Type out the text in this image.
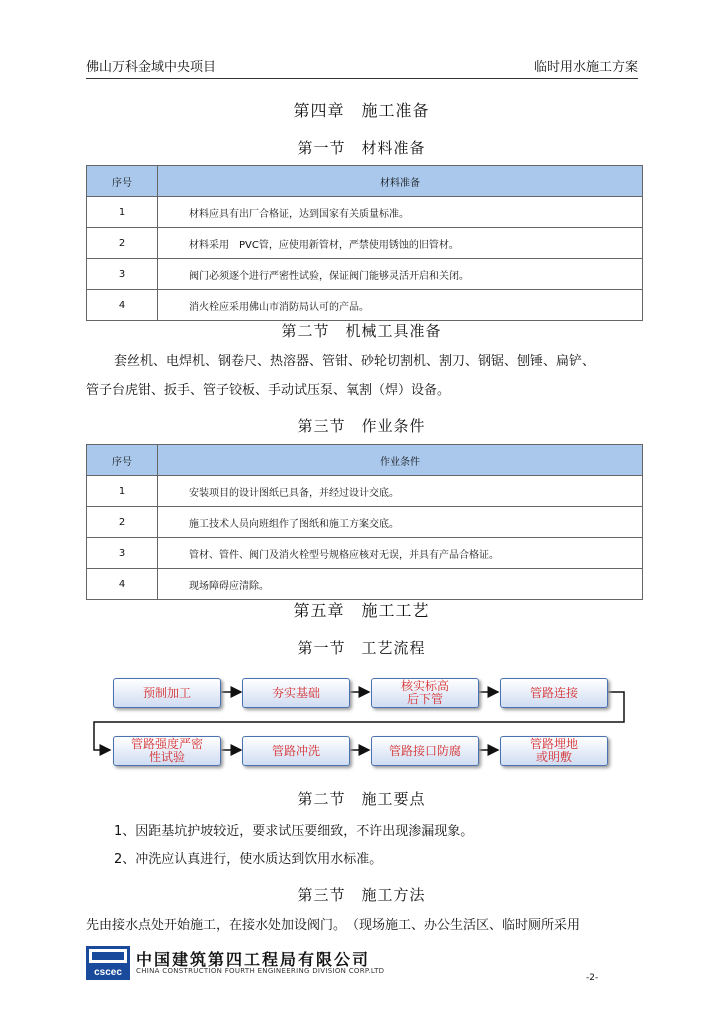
佛山万科金域中央项目	临时用水施工方案
第四章　施工准备
第一节　材料准备
序号	材料准备
1	材料应具有出厂合格证，达到国家有关质量标准。
2	材料采用　PVC管，应使用新管材，严禁使用锈蚀的旧管材。
3	阀门必须逐个进行严密性试验，保证阀门能够灵活开启和关闭。
4	消火栓应采用佛山市消防局认可的产品。
第二节　机械工具准备
套丝机、电焊机、钢卷尺、热溶器、管钳、砂轮切割机、割刀、钢锯、刨锤、扁铲、
管子台虎钳、扳手、管子铰板、手动试压泵、氧割（焊）设备。
第三节　作业条件
序号	作业条件
1	安装项目的设计图纸已具备，并经过设计交底。
2	施工技术人员向班组作了图纸和施工方案交底。
3	管材、管件、阀门及消火栓型号规格应核对无误，并具有产品合格证。
4	现场障碍应清除。
第五章　施工工艺
第一节　工艺流程
预制加工	夯实基础	核实标高后下管	管路连接
管路强度严密性试验	管路冲洗	管路接口防腐	管路埋地或明敷
第二节　施工要点
1、因距基坑护坡较近，要求试压要细致，不许出现渗漏现象。
2、冲洗应认真进行，使水质达到饮用水标准。
第三节　施工方法
先由接水点处开始施工，在接水处加设阀门。　（现场施工、办公生活区、临时厕所采用
cscec
中国建筑第四工程局有限公司
CHINA CONSTRUCTION FOURTH ENGINEERING DIVISION CORP.LTD
-2-
